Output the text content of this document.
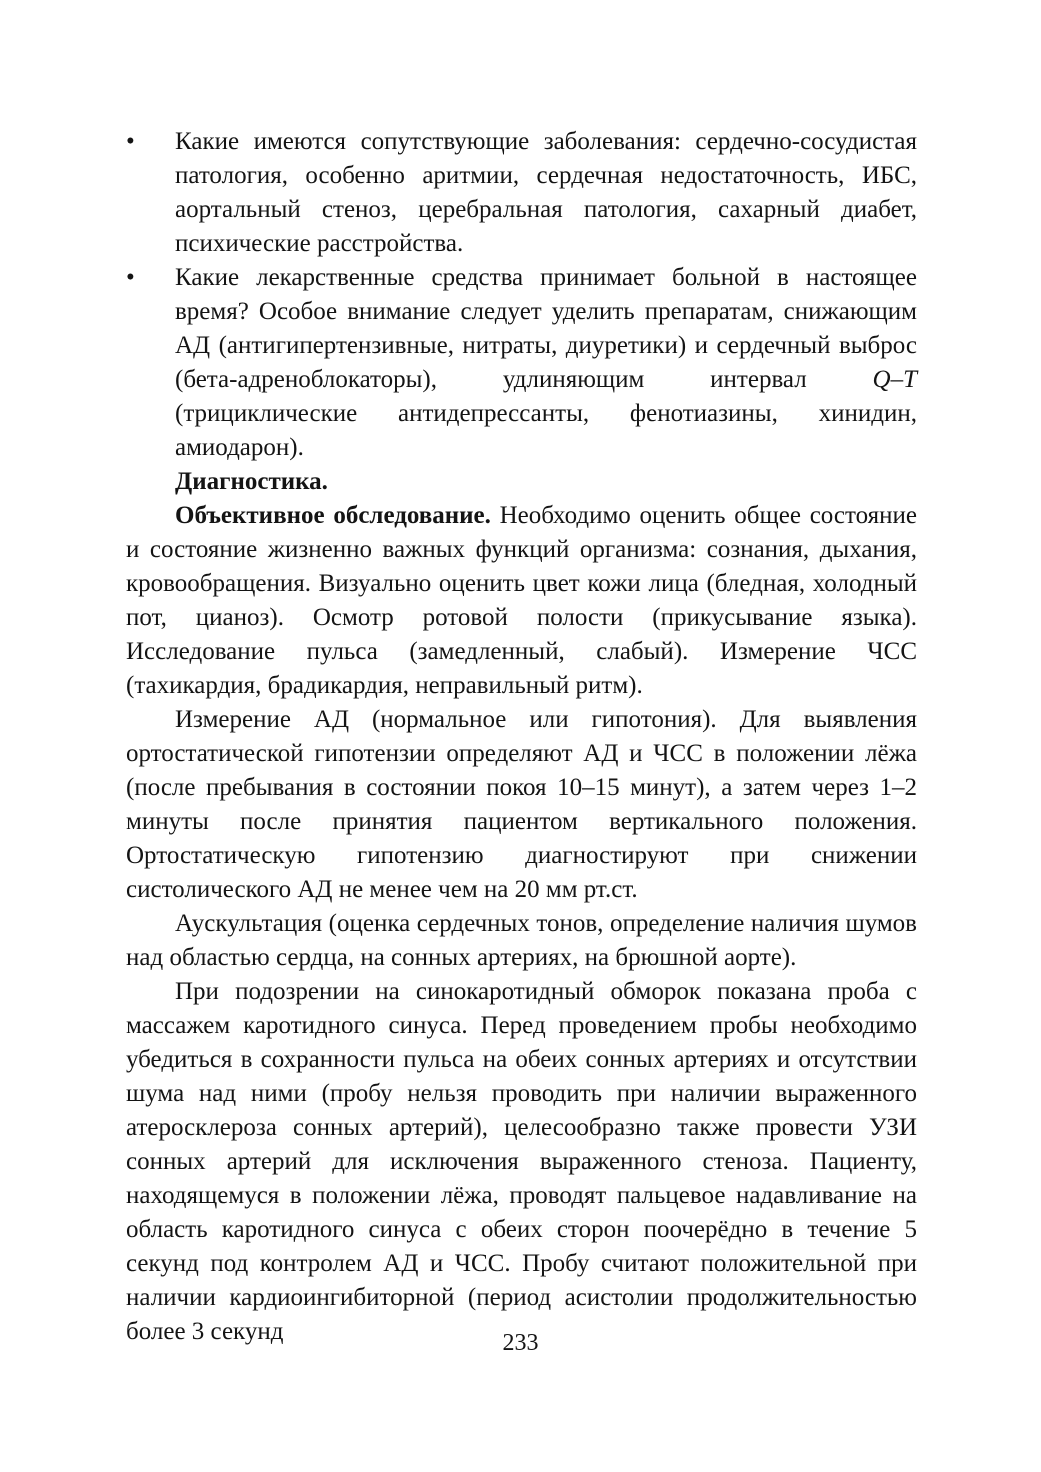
• Какие имеются сопутствующие заболевания: сердечно-сосудистая патология, особенно аритмии, сердечная недостаточность, ИБС, аортальный стеноз, церебральная патология, сахарный диабет, психические расстройства.
• Какие лекарственные средства принимает больной в настоящее время? Особое внимание следует уделить препаратам, снижающим АД (антигипертензивные, нитраты, диуретики) и сердечный выброс (бета-адреноблокаторы), удлиняющим интервал Q–T (трициклические антидепрессанты, фенотиазины, хинидин, амиодарон).

Диагностика.

Объективное обследование. Необходимо оценить общее состояние и состояние жизненно важных функций организма: сознания, дыхания, кровообращения. Визуально оценить цвет кожи лица (бледная, холодный пот, цианоз). Осмотр ротовой полости (прикусывание языка). Исследование пульса (замедленный, слабый). Измерение ЧСС (тахикардия, брадикардия, неправильный ритм).

Измерение АД (нормальное или гипотония). Для выявления ортостатической гипотензии определяют АД и ЧСС в положении лёжа (после пребывания в состоянии покоя 10–15 минут), а затем через 1–2 минуты после принятия пациентом вертикального положения. Ортостатическую гипотензию диагностируют при снижении систолического АД не менее чем на 20 мм рт.ст.

Аускультация (оценка сердечных тонов, определение наличия шумов над областью сердца, на сонных артериях, на брюшной аорте).

При подозрении на синокаротидный обморок показана проба с массажем каротидного синуса. Перед проведением пробы необходимо убедиться в сохранности пульса на обеих сонных артериях и отсутствии шума над ними (пробу нельзя проводить при наличии выраженного атеросклероза сонных артерий), целесообразно также провести УЗИ сонных артерий для исключения выраженного стеноза. Пациенту, находящемуся в положении лёжа, проводят пальцевое надавливание на область каротидного синуса с обеих сторон поочерёдно в течение 5 секунд под контролем АД и ЧСС. Пробу считают положительной при наличии кардиоингибиторной (период асистолии продолжительностью более 3 секунд	233
